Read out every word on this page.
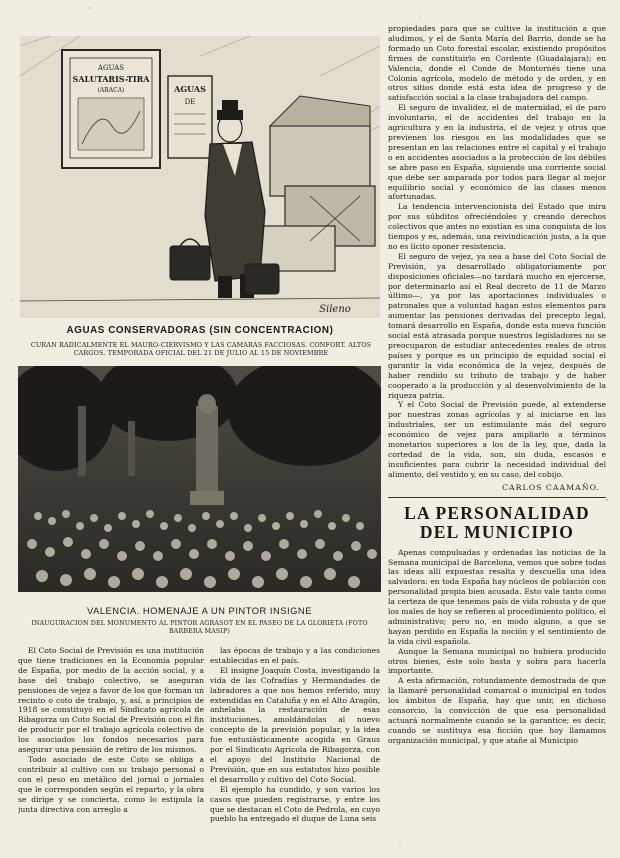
AGUAS
SALUTARIS-TIRA
(ARACA)	AGUAS
DE
Sileno
AGUAS CONSERVADORAS (SIN CONCENTRACION)
CURAN RADICALMENTE EL MAURO-CIERVISMO Y LAS CAMARAS FACCIOSAS. CONFORT. ALTOS CARGOS. TEMPORADA OFICIAL DEL 21 DE JULIO AL 15 DE NOVIEMBRE
VALENCIA. HOMENAJE A UN PINTOR INSIGNE
INAUGURACION DEL MONUMENTO AL PINTOR AGRASOT EN EL PASEO DE LA GLORIETA (FOTO BARBERA MASIP)

El Coto Social de Previsión es una institución que tiene tradiciones en la Economía popular de España, por medio de la acción social, y a base del trabajo colectivo, se aseguran pensiones de vejez a favor de los que forman un recinto o coto de trabajo, y, así, a principios de 1918 se constituyó en el Sindicato agrícola de Ribagorza un Coto Social de Previsión con el fin de producir por el trabajo agrícola colectivo de los asociados los fondos necesarios para asegurar una pensión de retiro de los mismos.

Todo asociado de este Coto se obliga a contribuir al cultivo con su trabajo personal o con el peso en metálico del jornal o jornales que le corresponden según el reparto, y la obra se dirige y se concierta, como lo estipula la junta directiva con arreglo a

las épocas de trabajo y a las condiciones establecidas en el país.

El insigne Joaquín Costa, investigando la vida de las Cofradías y Hermandades de labradores a que nos hemos referido, muy extendidas en Cataluña y en el Alto Aragón, anhelaba la restauración de esas instituciones, amoldándolas al nuevo concepto de la previsión popular, y la idea fue entusiásticamente acogida en Graus por el Sindicato Agrícola de Ribagorza, con el apoyo del Instituto Nacional de Previsión, que en sus estatutos hizo posible el desarrollo y cultivo del Coto Social.

El ejemplo ha cundido, y son varios los casos que pueden registrarse, y entre los que se destacan el Coto de Pedrola, en cuyo pueblo ha entregado el duque de Luna seis

propiedades para que se cultive la institución a que aludimos, y el de Santa María del Barrio, donde se ha formado un Coto forestal escolar, existiendo propósitos firmes de constituirlo en Cordente (Guadalajara); en Valencia, donde el Conde de Montornés tiene una Colonia agrícola, modelo de método y de orden, y en otros sitios donde está esta idea de progreso y de satisfacción social a la clase trabajadora del campo.

El seguro de invalidez, el de maternidad, el de paro involuntario, el de accidentes del trabajo en la agricultura y en la industria, el de vejez y otros que previenen los riesgos en las modalidades que se presentan en las relaciones entre el capital y el trabajo o en accidentes asociados a la protección de los débiles se abre paso en España, siguiendo una corriente social que debe ser amparada por todos para llegar al mejor equilibrio social y económico de las clases menos afortunadas.

La tendencia intervencionista del Estado que mira por sus súbditos ofreciéndoles y creando derechos colectivos que antes no existían es una conquista de los tiempos y es, además, una reivindicación justa, a la que no es lícito oponer resistencia.

El seguro de vejez, ya sea a base del Coto Social de Previsión, ya desarrollado obligatoriamente por disposiciones oficiales—no tardará mucho en ejercerse, por determinarlo así el Real decreto de 11 de Marzo último—, ya por las aportaciones individuales o patronales que a voluntad hagan estos elementos para aumentar las pensiones derivadas del precepto legal, tomará desarrollo en España, donde esta nueva función social está atrasada porque nuestros legisladores no se preocuparon de estudiar antecedentes reales de otros países y porque es un principio de equidad social el garantir la vida económica de la vejez, después de haber rendido su tributo de trabajo y de haber cooperado a la producción y al desenvolvimiento de la riqueza patria.

Y el Coto Social de Previsión puede, al extenderse por nuestras zonas agrícolas y al iniciarse en las industriales, ser un estimulante más del seguro económico de vejez para ampliarlo a términos monetarios superiores a los de la ley, que, dada la cortedad de la vida, son, sin duda, escasos e insuficientes para cubrir la necesidad individual del alimento, del vestido y, en su caso, del cobijo.

CARLOS CAAMAÑO.
LA PERSONALIDAD
DEL MUNICIPIO

Apenas compulsadas y ordenadas las noticias de la Semana municipal de Barcelona, vemos que sobre todas las ideas allí expuestas resalta y descuella una idea salvadora: en toda España hay núcleos de población con personalidad propia bien acusada. Esto vale tanto como la certeza de que tenemos país de vida robusta y de que los males de hoy se refieren al procedimiento político, el administrativo; pero no, en modo alguno, a que se hayan perdido en España la noción y el sentimiento de la vida civil española.

Aunque la Semana municipal no hubiera producido otros bienes, éste solo basta y sobra para hacerla importante.

A esta afirmación, rotundamente demostrada de que la llamaré personalidad comarcal o municipal en todos los ámbitos de España, hay que unir, en dichoso consorcio, la convicción de que esa personalidad actuará normalmente cuando se la garantice; es decir, cuando se sustituya esa ficción que hoy llamamos organización municipal, y que atañe al Municipio
